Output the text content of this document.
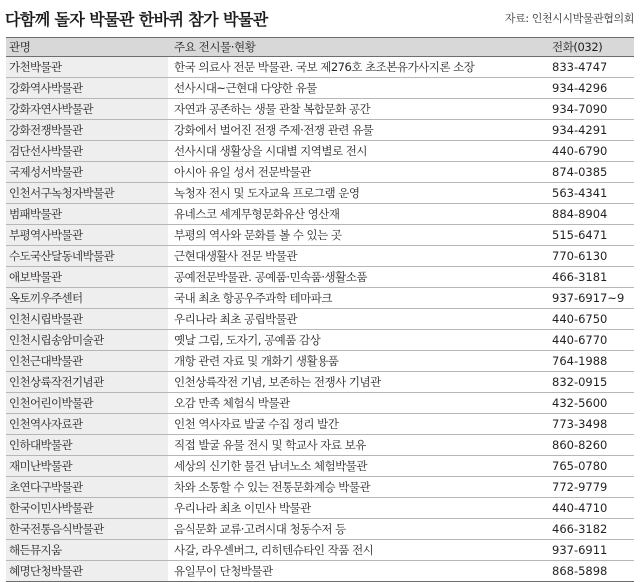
다함께 돌자 박물관 한바퀴 참가 박물관	자료: 인천시시박물관협의회
관명	주요 전시물·현황	전화(032)
가천박물관	한국 의료사 전문 박물관. 국보 제276호 초조본유가사지론 소장	833-4747
강화역사박물관	선사시대~근현대 다양한 유물	934-4296
강화자연사박물관	자연과 공존하는 생물 관찰 복합문화 공간	934-7090
강화전쟁박물관	강화에서 벌어진 전쟁 주제·전쟁 관련 유물	934-4291
검단선사박물관	선사시대 생활상을 시대별 지역별로 전시	440-6790
국제성서박물관	아시아 유일 성서 전문박물관	874-0385
인천서구녹청자박물관	녹청자 전시 및 도자교육 프로그램 운영	563-4341
범패박물관	유네스코 세계무형문화유산 영산재	884-8904
부평역사박물관	부평의 역사와 문화를 볼 수 있는 곳	515-6471
수도국산달동네박물관	근현대생활사 전문 박물관	770-6130
애보박물관	공예전문박물관. 공예품·민속품·생활소품	466-3181
옥토끼우주센터	국내 최초 항공우주과학 테마파크	937-6917~9
인천시립박물관	우리나라 최초 공립박물관	440-6750
인천시립송암미술관	옛날 그림, 도자기, 공예품 감상	440-6770
인천근대박물관	개항 관련 자료 및 개화기 생활용품	764-1988
인천상륙작전기념관	인천상륙작전 기념, 보존하는 전쟁사 기념관	832-0915
인천어린이박물관	오감 만족 체험식 박물관	432-5600
인천역사자료관	인천 역사자료 발굴 수집 정리 발간	773-3498
인하대박물관	직접 발굴 유물 전시 및 학교사 자료 보유	860-8260
재미난박물관	세상의 신기한 물건 남녀노소 체험박물관	765-0780
초연다구박물관	차와 소통할 수 있는 전통문화계승 박물관	772-9779
한국이민사박물관	우리나라 최초 이민사 박물관	440-4710
한국전통음식박물관	음식문화 교류·고려시대 청동수저 등	466-3182
해든뮤지움	사갈, 라우센버그, 리히텐슈타인 작품 전시	937-6911
혜명단청박물관	유일무이 단청박물관	868-5898
